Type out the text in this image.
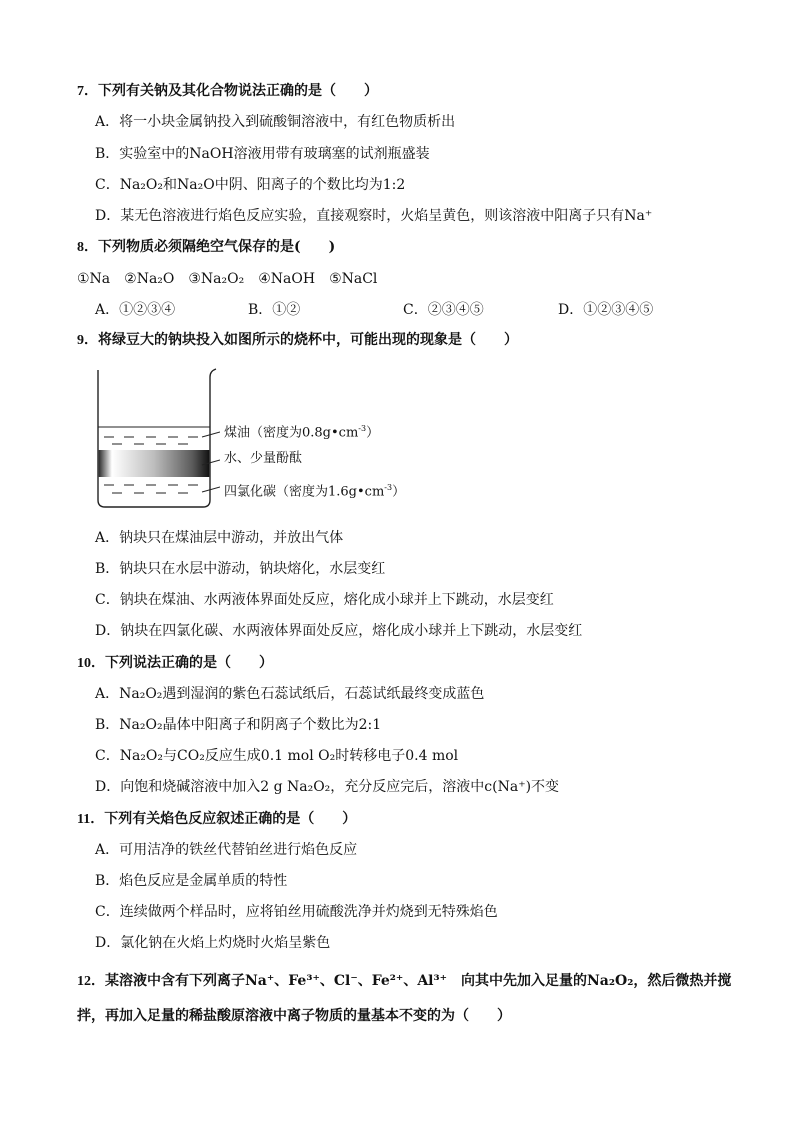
7．下列有关钠及其化合物说法正确的是（　　）
A．将一小块金属钠投入到硫酸铜溶液中，有红色物质析出
B．实验室中的NaOH溶液用带有玻璃塞的试剂瓶盛装
C．Na₂O₂和Na₂O中阴、阳离子的个数比均为1:2
D．某无色溶液进行焰色反应实验，直接观察时，火焰呈黄色，则该溶液中阳离子只有Na⁺
8．下列物质必须隔绝空气保存的是(　　)
①Na　②Na₂O　③Na₂O₂　④NaOH　⑤NaCl
A．①②③④	B．①②	C．②③④⑤	D．①②③④⑤
9．将绿豆大的钠块投入如图所示的烧杯中，可能出现的现象是（　　）
煤油（密度为$0.8g•cm^{-3}$）
水、少量酚酞
四氯化碳（密度为$1.6g•cm^{-3}$）
A．钠块只在煤油层中游动，并放出气体
B．钠块只在水层中游动，钠块熔化，水层变红
C．钠块在煤油、水两液体界面处反应，熔化成小球并上下跳动，水层变红
D．钠块在四氯化碳、水两液体界面处反应，熔化成小球并上下跳动，水层变红
10．下列说法正确的是（　　）
A．Na₂O₂遇到湿润的紫色石蕊试纸后，石蕊试纸最终变成蓝色
B．Na₂O₂晶体中阳离子和阴离子个数比为2:1
C．Na₂O₂与CO₂反应生成0.1 mol O₂时转移电子0.4 mol
D．向饱和烧碱溶液中加入2 g Na₂O₂，充分反应完后，溶液中c(Na⁺)不变
11．下列有关焰色反应叙述正确的是（　　）
A．可用洁净的铁丝代替铂丝进行焰色反应
B．焰色反应是金属单质的特性
C．连续做两个样品时，应将铂丝用硫酸洗净并灼烧到无特殊焰色
D．氯化钠在火焰上灼烧时火焰呈紫色
12．某溶液中含有下列离子Na⁺、Fe³⁺、Cl⁻、Fe²⁺、Al³⁺　向其中先加入足量的Na₂O₂，然后微热并搅
拌，再加入足量的稀盐酸原溶液中离子物质的量基本不变的为（　　）
